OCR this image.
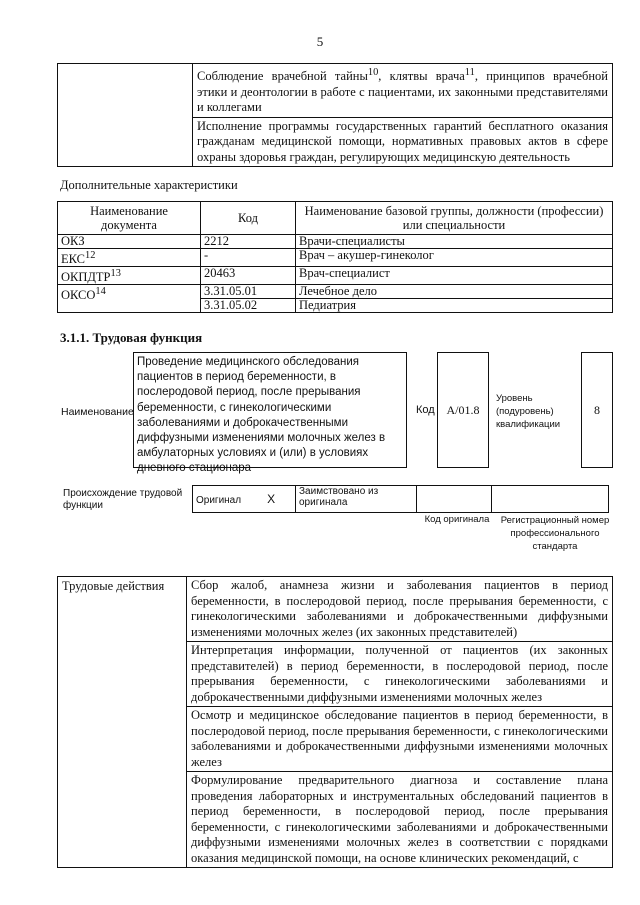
5
	Соблюдение врачебной тайны$^{10}$, клятвы врача$^{11}$, принципов врачебной этики и деонтологии в работе с пациентами, их законными представителями и коллегами
Исполнение программы государственных гарантий бесплатного оказания гражданам медицинской помощи, нормативных правовых актов в сфере охраны здоровья граждан, регулирующих медицинскую деятельность
Дополнительные характеристики
Наименование документа	Код	Наименование базовой группы, должности (профессии) или специальности
ОКЗ	2212	Врачи-специалисты
ЕКС$^{12}$	-	Врач – акушер-гинеколог
ОКПДТР$^{13}$	20463	Врач-специалист
ОКСО$^{14}$	3.31.05.01	Лечебное дело
	3.31.05.02	Педиатрия
3.1.1. Трудовая функция
Наименование
Проведение медицинского обследования пациентов в период беременности, в послеродовой период, после прерывания беременности, с гинекологическими заболеваниями и доброкачественными диффузными изменениями молочных желез в амбулаторных условиях и (или) в условиях дневного стационара
Код A/01.8
Уровень (подуровень) квалификации
8
Происхождение трудовой функции	Оригинал X	Заимствовано из оригинала		
Код оригинала	Регистрационный номер профессионального стандарта
Трудовые действия	Сбор жалоб, анамнеза жизни и заболевания пациентов в период беременности, в послеродовой период, после прерывания беременности, с гинекологическими заболеваниями и доброкачественными диффузными изменениями молочных желез (их законных представителей)
Интерпретация информации, полученной от пациентов (их законных представителей) в период беременности, в послеродовой период, после прерывания беременности, с гинекологическими заболеваниями и доброкачественными диффузными изменениями молочных желез
Осмотр и медицинское обследование пациентов в период беременности, в послеродовой период, после прерывания беременности, с гинекологическими заболеваниями и доброкачественными диффузными изменениями молочных желез
Формулирование предварительного диагноза и составление плана проведения лабораторных и инструментальных обследований пациентов в период беременности, в послеродовой период, после прерывания беременности, с гинекологическими заболеваниями и доброкачественными диффузными изменениями молочных желез в соответствии с порядками оказания медицинской помощи, на основе клинических рекомендаций, с
